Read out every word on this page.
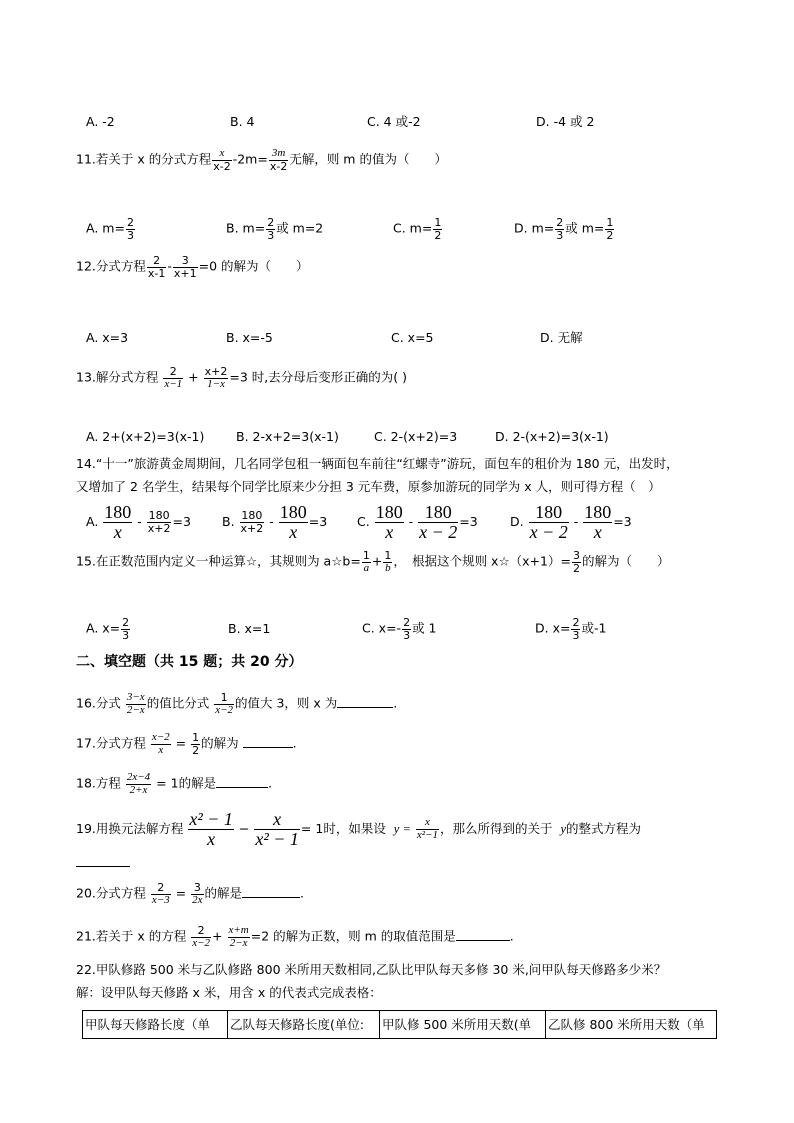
A. -2	B. 4	C. 4 或-2	D. -4 或 2
11.若关于 x 的分式方程 $\frac{x}{x-2} -2m= \frac{3m}{x-2}$ 无解，则 m 的值为（　　）
A. $m= \frac{2}{3}$	B. $m= \frac{2}{3}$ 或 m=2	C. $m= \frac{1}{2}$	D. $m= \frac{2}{3}$ 或 $m= \frac{1}{2}$
12.分式方程 $\frac{2}{x-1} - \frac{3}{x+1} =0$ 的解为（　　）
A. x=3	B. x=-5	C. x=5	D. 无解
13.解分式方程 $\frac{2}{x-1} + \frac{x+2}{1-x} =3$ 时,去分母后变形正确的为( )
A. 2+(x+2)=3(x-1)	B. 2-x+2=3(x-1)	C. 2-(x+2)=3	D. 2-(x+2)=3(x-1)
14.“十一”旅游黄金周期间，几名同学包租一辆面包车前往“红螺寺”游玩，面包车的租价为 180 元，出发时，
又增加了 2 名学生，结果每个同学比原来少分担 3 元车费，原参加游玩的同学为 x 人，则可得方程（　）
A. $\frac{180}{x} - \frac{180}{x+2} =3$ B. $\frac{180}{x+2} - \frac{180}{x} =3$ C. $\frac{180}{x} - \frac{180}{x - 2} =3$	D. $\frac{180}{x - 2} - \frac{180}{x} =3$
15.在正数范围内定义一种运算☆，其规则为 a☆b= $\frac{1}{a} + \frac{1}{b}$ ，　根据这个规则 x☆（x+1）= $\frac{3}{2}$ 的解为（　　）
A. $x= \frac{2}{3}$	B. x=1	C. $x=- \frac{2}{3}$ 或 1	D. $x= \frac{2}{3}$ 或-1
二、填空题（共 15 题；共 20 分）
16.分式 $\frac{3-x}{2-x}$ 的值比分式 $\frac{1}{x-2}$ 的值大 3，则 x 为	.
17.分式方程 $\frac{x-2}{x} = \frac{1}{2}$ 的解为	.
18.方程 $\frac{2x-4}{2+x} = 1$的解是	.
19.用换元法解方程 $\frac{\text{x² − 1}}{x} - \frac{x}{\text{x² − 1}} = 1$时，如果设 $y = \frac{x}{\text{x²−1}}$ ，那么所得到的关于 y的整式方程为
20.分式方程 $\frac{2}{x-3} = \frac{3}{2x}$ 的解是	.
21.若关于 x 的方程 $\frac{2}{x-2} + \frac{x+m}{2-x} =2$ 的解为正数，则 m 的取值范围是	.
22.甲队修路 500 米与乙队修路 800 米所用天数相同,乙队比甲队每天多修 30 米,问甲队每天修路多少米？
解：设甲队每天修路 x 米，用含 x 的代表式完成表格：
甲队每天修路长度（单	乙队每天修路长度(单位:	甲队修 500 米所用天数(单	乙队修 800 米所用天数（单
